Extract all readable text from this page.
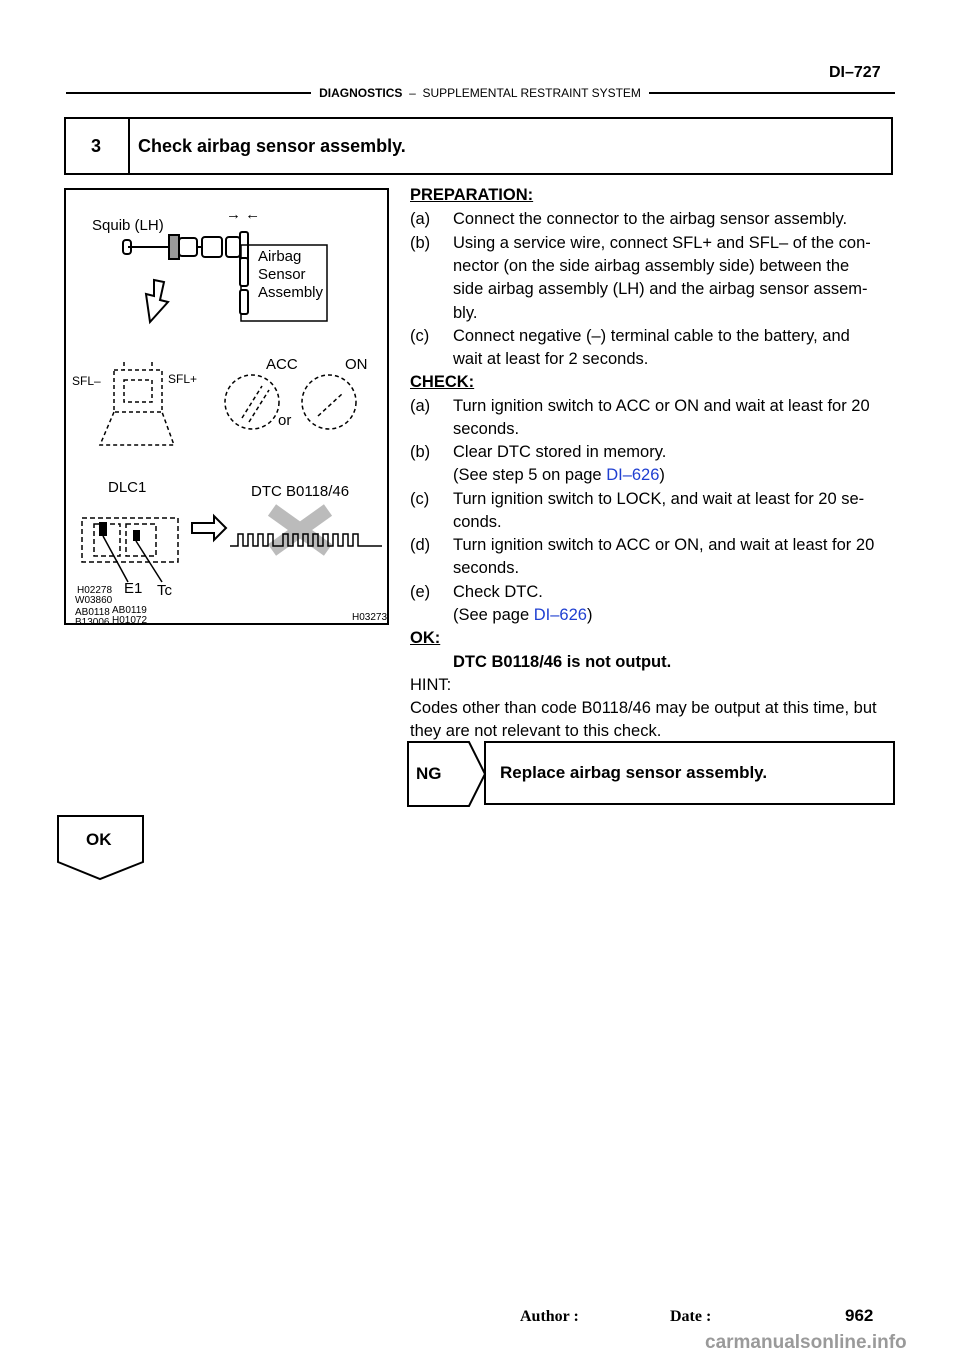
DI–727
DIAGNOSTICS – SUPPLEMENTAL RESTRAINT SYSTEM
3	Check airbag sensor assembly.
Squib (LH)
→ ←
Airbag
Sensor
Assembly
SFL–	SFL+
ACC	ON
or
DLC1	DTC B0118/46
E1 Tc
H02278
W03860
AB0118 AB0119
B13006 H01072	H03273
PREPARATION:
(a) Connect the connector to the airbag sensor assembly.
(b) Using a service wire, connect SFL+ and SFL– of the con-
nector (on the side airbag assembly side) between the
side airbag assembly (LH) and the airbag sensor assem-
bly.
(c) Connect negative (–) terminal cable to the battery, and
wait at least for 2 seconds.
CHECK:
(a) Turn ignition switch to ACC or ON and wait at least for 20
seconds.
(b) Clear DTC stored in memory.
(See step 5 on page DI–626)
(c) Turn ignition switch to LOCK, and wait at least for 20 se-
conds.
(d) Turn ignition switch to ACC or ON, and wait at least for 20
seconds.
(e) Check DTC.
(See page DI–626)
OK:
DTC B0118/46 is not output.
HINT:
Codes other than code B0118/46 may be output at this time, but
they are not relevant to this check.
NG	Replace airbag sensor assembly.
OK
Author :	Date :	962
carmanualsonline.info
